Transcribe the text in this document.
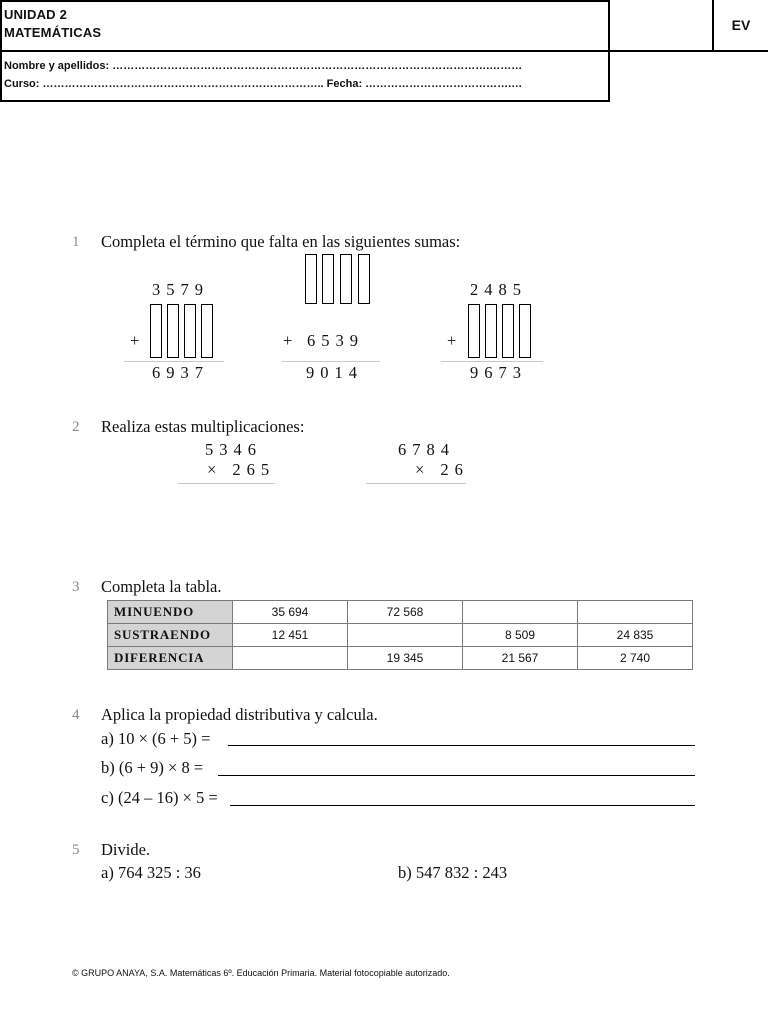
UNIDAD 2
MATEMÁTICAS	EV
Nombre y apellidos: ………………………………………………………………………………………….………
Curso: ………………………………………………………………….. Fecha: ………………………………….…
1 Completa el término que falta en las siguientes sumas:
3579
+
6937
+ 6539
9014
2485
+
9673
2 Realiza estas multiplicaciones:
5346
× 265
6784
× 26
3 Completa la tabla.
MINUENDO	35 694	72 568		
SUSTRAENDO	12 451		8 509	24 835
DIFERENCIA		19 345	21 567	2 740
4 Aplica la propiedad distributiva y calcula.
a) 10 × (6 + 5) =
b) (6 + 9) × 8 =
c) (24 – 16) × 5 =
5 Divide.
a) 764 325 : 36	b) 547 832 : 243
© GRUPO ANAYA, S.A. Matemáticas 6º. Educación Primaria. Material fotocopiable autorizado.
